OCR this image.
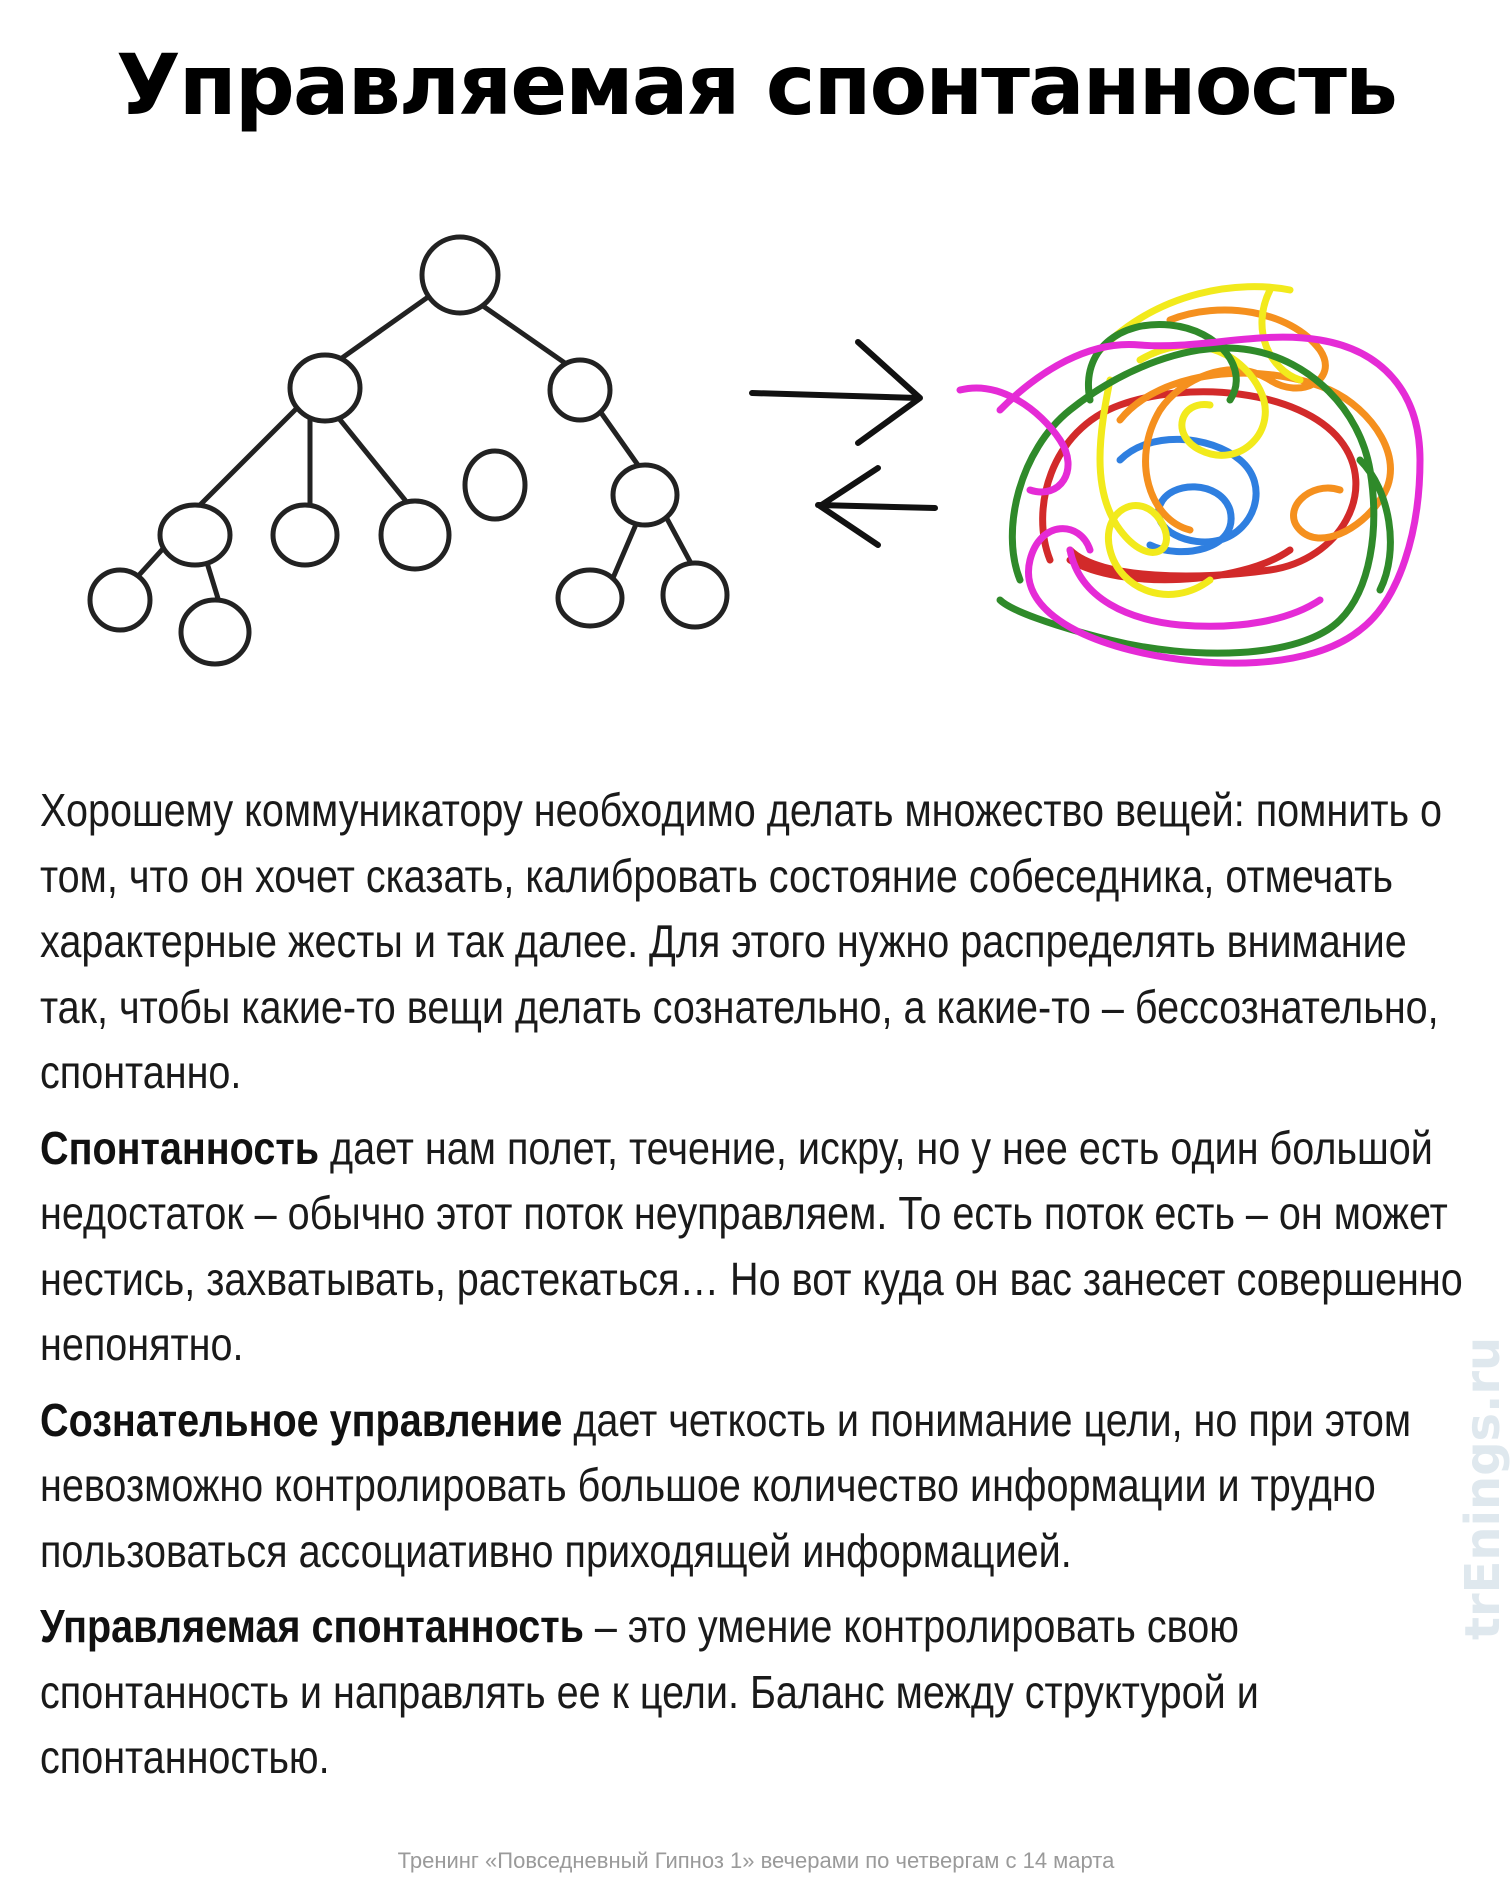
Управляемая спонтанность

Хорошему коммуникатору необходимо делать множество вещей: помнить о том, что он хочет сказать, калибровать состояние собеседника, отмечать характерные жесты и так далее. Для этого нужно распределять внимание так, чтобы какие-то вещи делать сознательно, а какие-то – бессознательно, спонтанно.

Спонтанность дает нам полет, течение, искру, но у нее есть один большой недостаток – обычно этот поток неуправляем. То есть поток есть – он может нестись, захватывать, растекаться… Но вот куда он вас занесет совершенно непонятно.

Сознательное управление дает четкость и понимание цели, но при этом невозможно контролировать большое количество информации и трудно пользоваться ассоциативно приходящей информацией.

Управляемая спонтанность – это умение контролировать свою спонтанность и направлять ее к цели. Баланс между структурой и спонтанностью.

trEnings.ru
Тренинг «Повседневный Гипноз 1» вечерами по четвергам с 14 марта
